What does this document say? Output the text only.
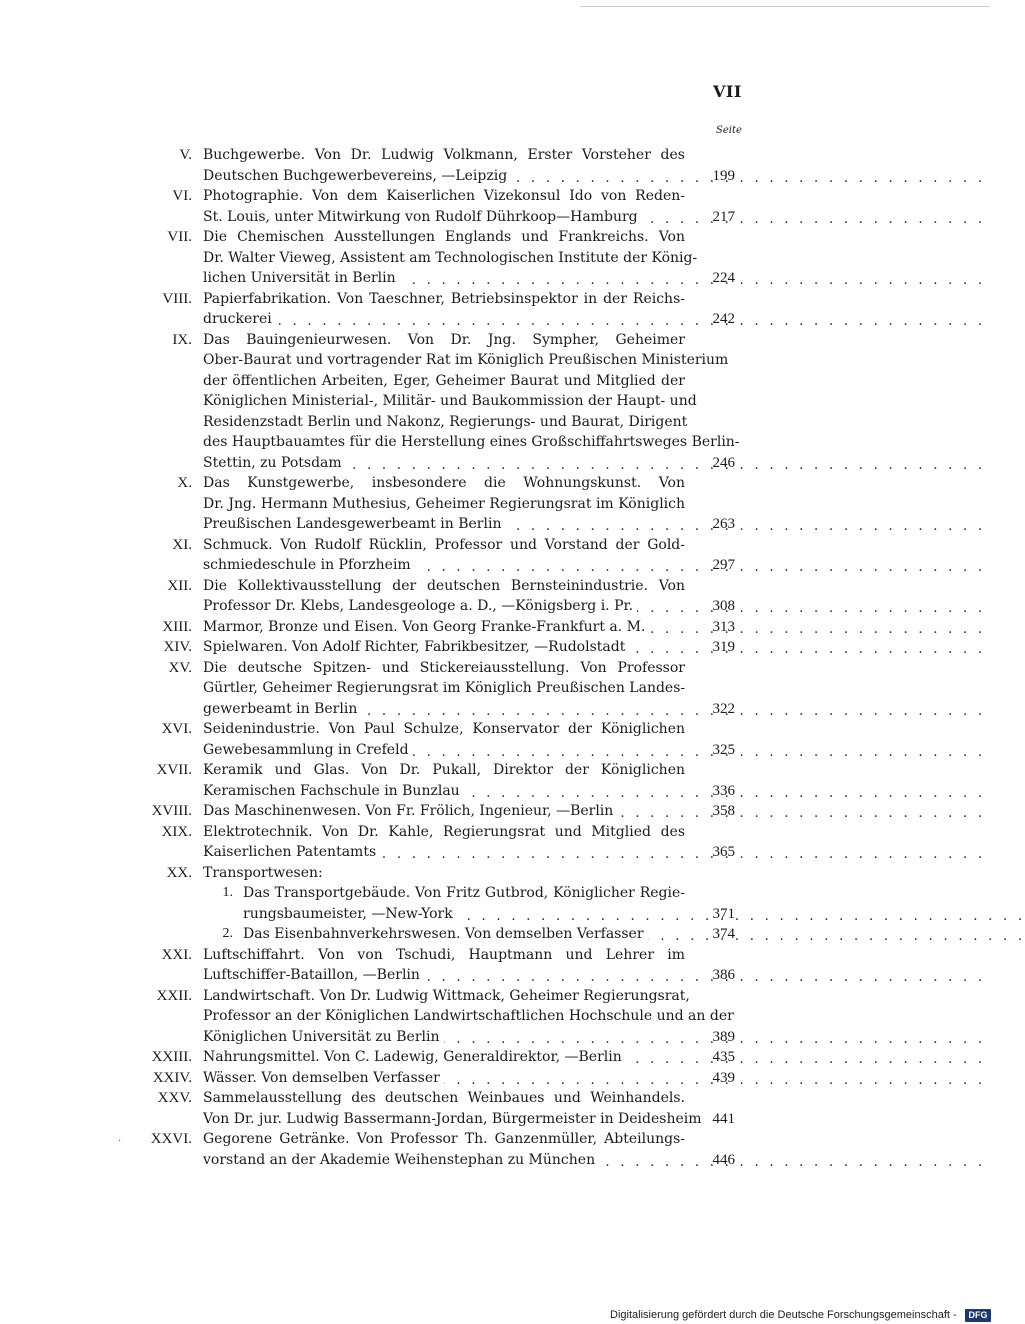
VII
Seite
V. Buchgewerbe. Von Dr. Ludwig Volkmann, Erster Vorsteher des
Deutschen Buchgewerbevereins, —Leipzig . . .	199
VI. Photographie. Von dem Kaiserlichen Vizekonsul Ido von Reden-
St. Louis, unter Mitwirkung von Rudolf Dührkoop—Hamburg . . .	217
VII. Die Chemischen Ausstellungen Englands und Frankreichs. Von
Dr. Walter Vieweg, Assistent am Technologischen Institute der König-
lichen Universität in Berlin . . .	224
VIII. Papierfabrikation. Von Taeschner, Betriebsinspektor in der Reichs-
druckerei . . .	242
IX. Das Bauingenieurwesen. Von Dr. Jng. Sympher, Geheimer
Ober-Baurat und vortragender Rat im Königlich Preußischen Ministerium
der öffentlichen Arbeiten, Eger, Geheimer Baurat und Mitglied der
Königlichen Ministerial-, Militär- und Baukommission der Haupt- und
Residenzstadt Berlin und Nakonz, Regierungs- und Baurat, Dirigent
des Hauptbauamtes für die Herstellung eines Großschiffahrtsweges Berlin-
Stettin, zu Potsdam . . .	246
X. Das Kunstgewerbe, insbesondere die Wohnungskunst. Von
Dr. Jng. Hermann Muthesius, Geheimer Regierungsrat im Königlich
Preußischen Landesgewerbeamt in Berlin . . .	263
XI. Schmuck. Von Rudolf Rücklin, Professor und Vorstand der Gold-
schmiedeschule in Pforzheim . . .	297
XII. Die Kollektivausstellung der deutschen Bernsteinindustrie. Von
Professor Dr. Klebs, Landesgeologe a. D., —Königsberg i. Pr. . . .	308
XIII. Marmor, Bronze und Eisen. Von Georg Franke-Frankfurt a. M. . . .	313
XIV. Spielwaren. Von Adolf Richter, Fabrikbesitzer, —Rudolstadt . . .	319
XV. Die deutsche Spitzen- und Stickereiausstellung. Von Professor
Gürtler, Geheimer Regierungsrat im Königlich Preußischen Landes-
gewerbeamt in Berlin . . .	322
XVI. Seidenindustrie. Von Paul Schulze, Konservator der Königlichen
Gewebesammlung in Crefeld . . .	325
XVII. Keramik und Glas. Von Dr. Pukall, Direktor der Königlichen
Keramischen Fachschule in Bunzlau . . .	336
XVIII. Das Maschinenwesen. Von Fr. Frölich, Ingenieur, —Berlin . . .	358
XIX. Elektrotechnik. Von Dr. Kahle, Regierungsrat und Mitglied des
Kaiserlichen Patentamts . . .	365
XX. Transportwesen:
1. Das Transportgebäude. Von Fritz Gutbrod, Königlicher Regie-
rungsbaumeister, —New-York . . .	371
2. Das Eisenbahnverkehrswesen. Von demselben Verfasser . . .	374
XXI. Luftschiffahrt. Von von Tschudi, Hauptmann und Lehrer im
Luftschiffer-Bataillon, —Berlin . . .	386
XXII. Landwirtschaft. Von Dr. Ludwig Wittmack, Geheimer Regierungsrat,
Professor an der Königlichen Landwirtschaftlichen Hochschule und an der
Königlichen Universität zu Berlin . . .	389
XXIII. Nahrungsmittel. Von C. Ladewig, Generaldirektor, —Berlin . . .	435
XXIV. Wässer. Von demselben Verfasser . . .	439
XXV. Sammelausstellung des deutschen Weinbaues und Weinhandels.
Von Dr. jur. Ludwig Bassermann-Jordan, Bürgermeister in Deidesheim 441
XXVI. Gegorene Getränke. Von Professor Th. Ganzenmüller, Abteilungs-
vorstand an der Akademie Weihenstephan zu München . . .	446
.
Digitalisierung gefördert durch die Deutsche Forschungsgemeinschaft -	DFG
